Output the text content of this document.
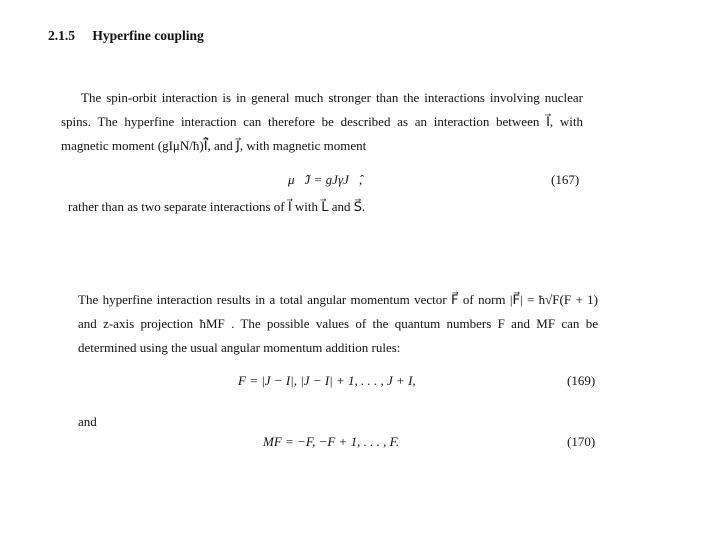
2.1.5 Hyperfine coupling
The spin-orbit interaction is in general much stronger than the interactions involving nuclear spins. The hyperfine interaction can therefore be described as an interaction between I⃗, with magnetic moment (gIμN/ħ)I⃗̂, and J⃗, with magnetic moment
μ⃗̂J = gJγJ⃗̂,	(167)
rather than as two separate interactions of I⃗ with L⃗ and S⃗.
The hyperfine interaction results in a total angular momentum vector F⃗ of norm |F⃗| = ħ√F(F + 1) and z-axis projection ħMF . The possible values of the quantum numbers F and MF can be determined using the usual angular momentum addition rules:
F = |J − I|, |J − I| + 1, . . . , J + I,	(169)
and
MF = −F, −F + 1, . . . , F.	(170)
